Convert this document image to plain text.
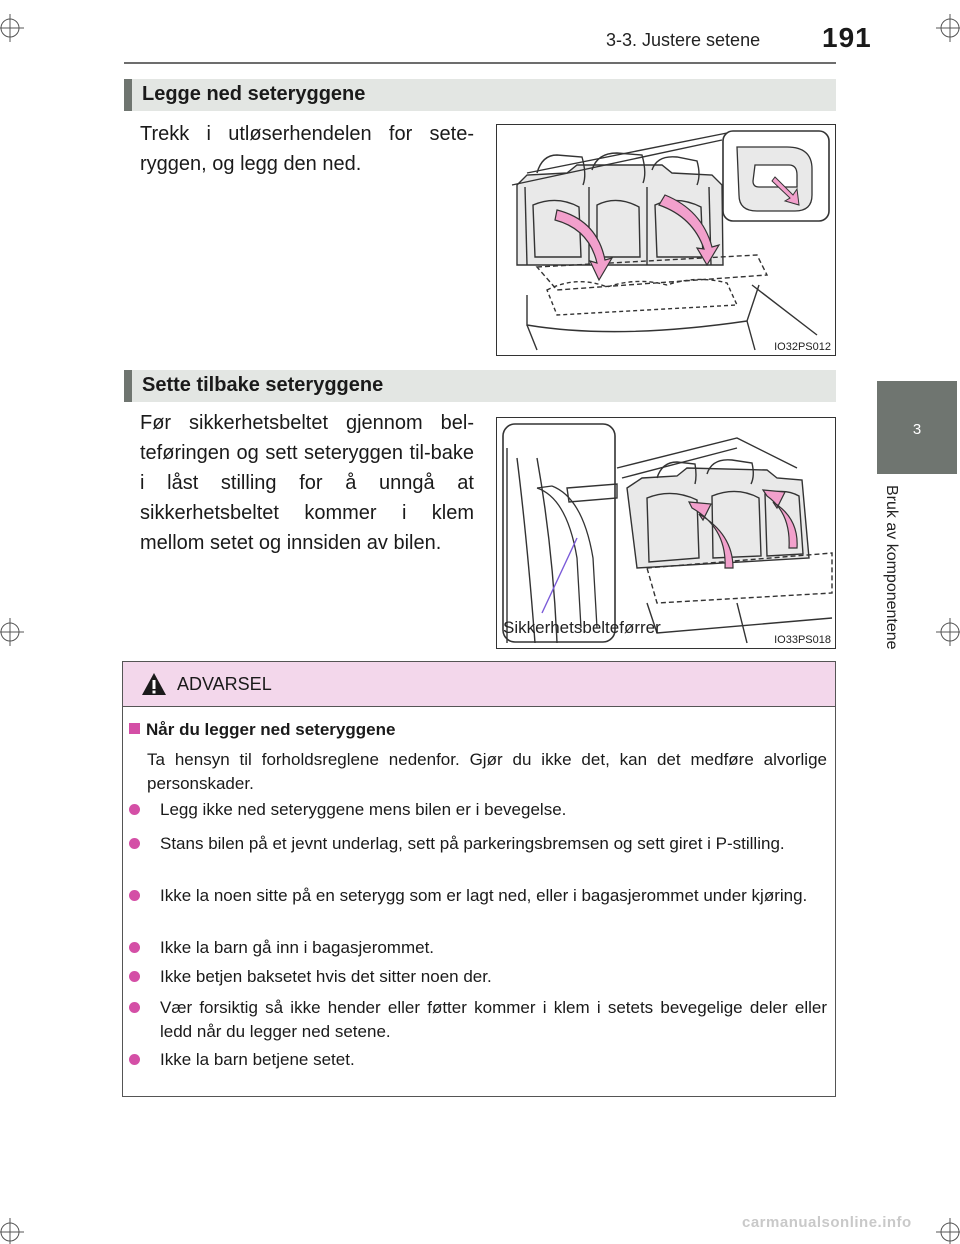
3-3. Justere setene 191
3
Bruk av komponentene
Legge ned seteryggene
Trekk i utløserhendelen for sete-ryggen, og legg den ned.
IO32PS012
Sette tilbake seteryggene
Før sikkerhetsbeltet gjennom bel-teføringen og sett seteryggen til-bake i låst stilling for å unngå at sikkerhetsbeltet kommer i klem mellom setet og innsiden av bilen.
Sikkerhetsbelteførrer
IO33PS018
ADVARSEL
Når du legger ned seteryggene
Ta hensyn til forholdsreglene nedenfor. Gjør du ikke det, kan det medføre alvorlige personskader.
Legg ikke ned seteryggene mens bilen er i bevegelse.
Stans bilen på et jevnt underlag, sett på parkeringsbremsen og sett giret i P-stilling.
Ikke la noen sitte på en seterygg som er lagt ned, eller i bagasjerommet under kjøring.
Ikke la barn gå inn i bagasjerommet.
Ikke betjen baksetet hvis det sitter noen der.
Vær forsiktig så ikke hender eller føtter kommer i klem i setets bevegelige deler eller ledd når du legger ned setene.
Ikke la barn betjene setet.
carmanualsonline.info
